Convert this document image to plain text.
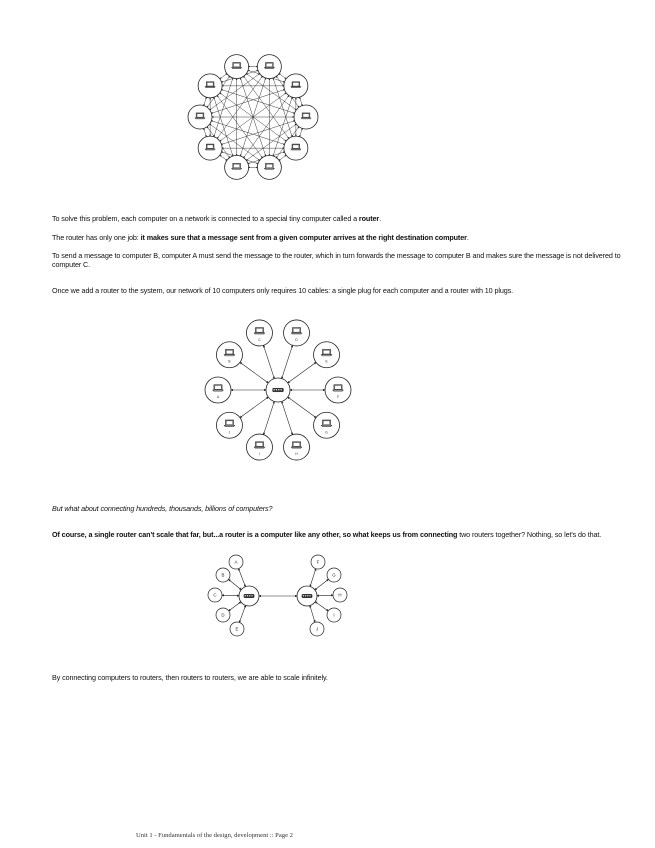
To solve this problem, each computer on a network is connected to a special tiny computer called a router.
The router has only one job: it makes sure that a message sent from a given computer arrives at the right destination computer.
To send a message to computer B, computer A must send the message to the router, which in turn forwards the message to computer B and makes sure the message is not delivered to computer C.
Once we add a router to the system, our network of 10 computers only requires 10 cables: a single plug for each computer and a router with 10 plugs.
C	D
E
F
G
H
I
J
A
B
But what about connecting hundreds, thousands, billions of computers?
Of course, a single router can't scale that far, but...a router is a computer like any other, so what keeps us from connecting two routers together? Nothing, so let's do that.
A
B
C
D
E
F
G
H
I
J
By connecting computers to routers, then routers to routers, we are able to scale infinitely.
Unit 1 - Fundamentals of the design, development :: Page 2
